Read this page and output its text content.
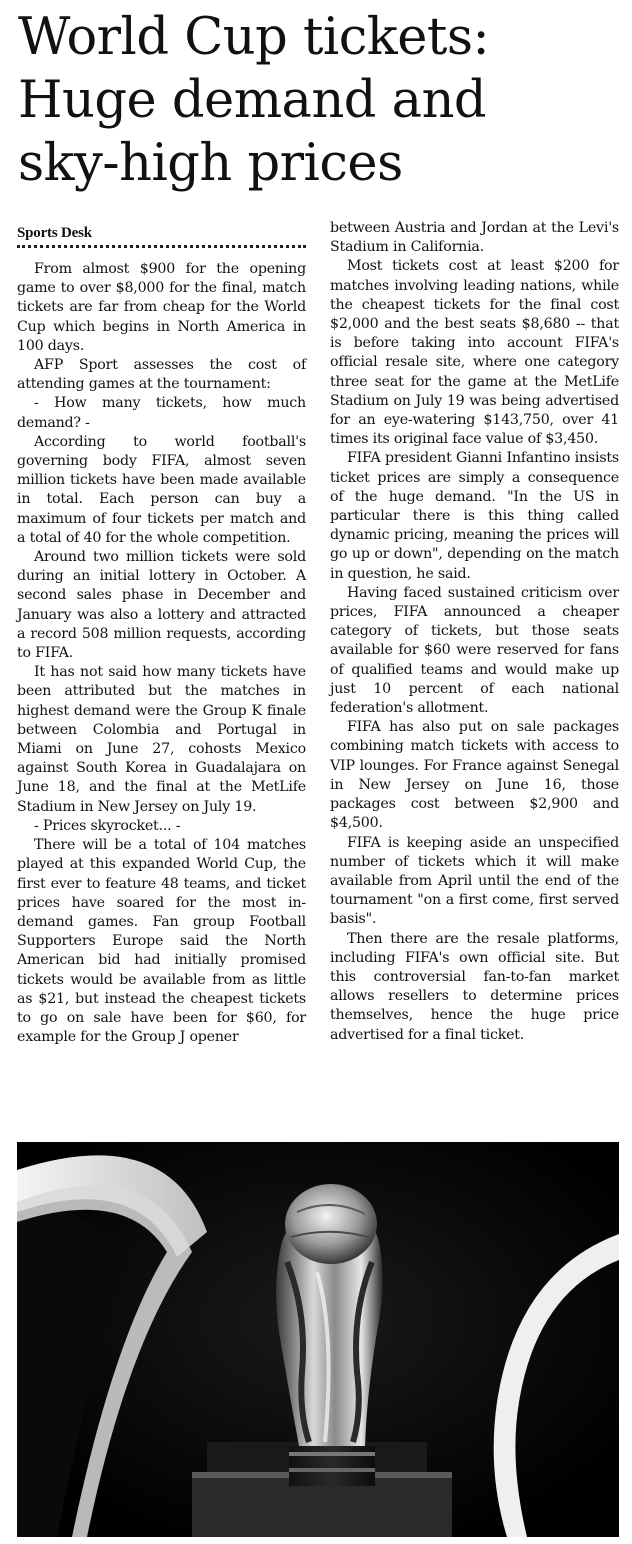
World Cup tickets:
Huge demand and
sky-high prices
Sports Desk

From almost $900 for the opening game to over $8,000 for the final, match tickets are far from cheap for the World Cup which begins in North America in 100 days.

AFP Sport assesses the cost of attending games at the tournament:

- How many tickets, how much demand? -

According to world football's governing body FIFA, almost seven million tickets have been made available in total. Each person can buy a maximum of four tickets per match and a total of 40 for the whole competition.

Around two million tickets were sold during an initial lottery in October. A second sales phase in December and January was also a lottery and attracted a record 508 million requests, according to FIFA.

It has not said how many tickets have been attributed but the matches in highest demand were the Group K finale between Colombia and Portugal in Miami on June 27, cohosts Mexico against South Korea in Guadalajara on June 18, and the final at the MetLife Stadium in New Jersey on July 19.

- Prices skyrocket... -

There will be a total of 104 matches played at this expanded World Cup, the first ever to feature 48 teams, and ticket prices have soared for the most in-demand games. Fan group Football Supporters Europe said the North American bid had initially promised tickets would be available from as little as $21, but instead the cheapest tickets to go on sale have been for $60, for example for the Group J opener

between Austria and Jordan at the Levi's Stadium in California.

Most tickets cost at least $200 for matches involving leading nations, while the cheapest tickets for the final cost $2,000 and the best seats $8,680 -- that is before taking into account FIFA's official resale site, where one category three seat for the game at the MetLife Stadium on July 19 was being advertised for an eye-watering $143,750, over 41 times its original face value of $3,450.

FIFA president Gianni Infantino insists ticket prices are simply a consequence of the huge demand. "In the US in particular there is this thing called dynamic pricing, meaning the prices will go up or down", depending on the match in question, he said.

Having faced sustained criticism over prices, FIFA announced a cheaper category of tickets, but those seats available for $60 were reserved for fans of qualified teams and would make up just 10 percent of each national federation's allotment.

FIFA has also put on sale packages combining match tickets with access to VIP lounges. For France against Senegal in New Jersey on June 16, those packages cost between $2,900 and $4,500.

FIFA is keeping aside an unspecified number of tickets which it will make available from April until the end of the tournament "on a first come, first served basis".

Then there are the resale platforms, including FIFA's own official site. But this controversial fan-to-fan market allows resellers to determine prices themselves, hence the huge price advertised for a final ticket.
